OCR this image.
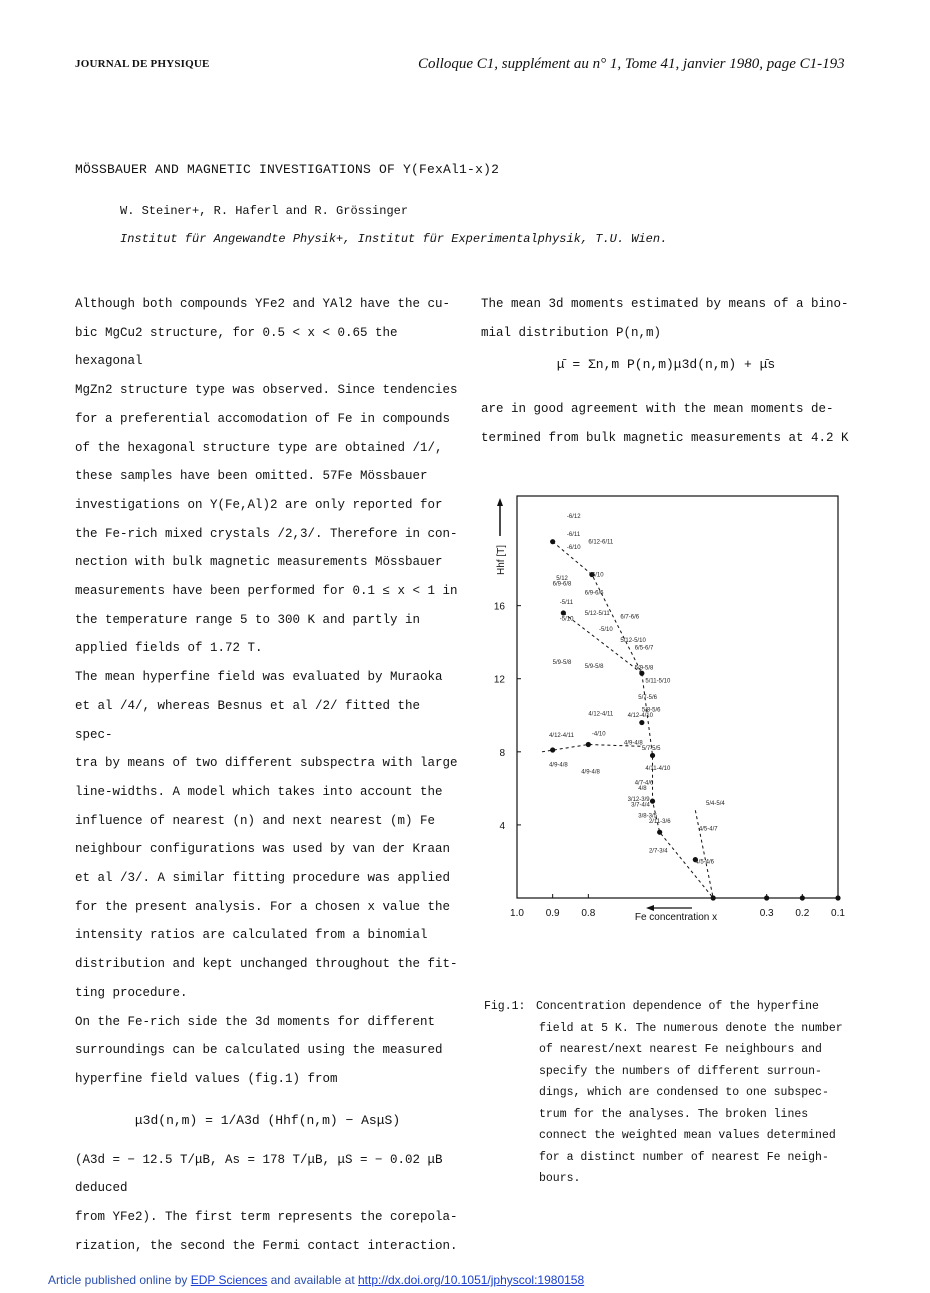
JOURNAL DE PHYSIQUE	Colloque C1, supplément au n° 1, Tome 41, janvier 1980, page C1-193
MÖSSBAUER AND MAGNETIC INVESTIGATIONS OF Y(FexAl1-x)2
W. Steiner+, R. Haferl and R. Grössinger
Institut für Angewandte Physik+, Institut für Experimentalphysik, T.U. Wien.
Although both compounds YFe2 and YAl2 have the cu-
bic MgCu2 structure, for 0.5 < x < 0.65 the hexagonal
MgZn2 structure type was observed. Since tendencies
for a preferential accomodation of Fe in compounds
of the hexagonal structure type are obtained /1/,
these samples have been omitted. 57Fe Mössbauer
investigations on Y(Fe,Al)2 are only reported for
the Fe-rich mixed crystals /2,3/. Therefore in con-
nection with bulk magnetic measurements Mössbauer
measurements have been performed for 0.1 ≤ x < 1 in
the temperature range 5 to 300 K and partly in
applied fields of 1.72 T.
The mean hyperfine field was evaluated by Muraoka
et al /4/, whereas Besnus et al /2/ fitted the spec-
tra by means of two different subspectra with large
line-widths. A model which takes into account the
influence of nearest (n) and next nearest (m) Fe
neighbour configurations was used by van der Kraan
et al /3/. A similar fitting procedure was applied
for the present analysis. For a chosen x value the
intensity ratios are calculated from a binomial
distribution and kept unchanged throughout the fit-
ting procedure.
On the Fe-rich side the 3d moments for different
surroundings can be calculated using the measured
hyperfine field values (fig.1) from
μ3d(n,m) = 1/A3d (Hhf(n,m) − AsμS)
(A3d = − 12.5 T/μB, As = 178 T/μB, μS = − 0.02 μB deduced
from YFe2). The first term represents the corepola-
rization, the second the Fermi contact interaction.
The mean 3d moments estimated by means of a bino-
mial distribution P(n,m)
μ̄ = Σn,m P(n,m)μ3d(n,m) + μ̄s
are in good agreement with the mean moments de-
termined from bulk magnetic measurements at 4.2 K
1.0 0.9 0.8	0.3 0.2 0.1
16
12
8
4
Hhf [T]
Fe concentration x
-6/12
-6/11
6/12-6/11
-6/10
6/10
5/12
6/9-6/8
6/9-6/6
-5/11
5/12-5/11
6/7-6/6
-5/10
-5/10
5/12-5/10
6/5-6/7
5/9-5/8
5/9-5/8	5/9-5/8
5/11-5/10
5/7-5/6
5/8-5/6
4/12-4/11 4/12-4/10
4/12-4/11	-4/10
4/9-4/8
5/7-5/5
4/9-4/8
4/9-4/8
4/11-4/10
4/7-4/6
4/8
3/12-3/9
3/7-4/4
3/8-3/5
2/11-3/6
2/7-3/4
5/4-5/4
4/5-4/7
4/5-4/6
Fig.1: Concentration dependence of the hyperfine
field at 5 K. The numerous denote the number
of nearest/next nearest Fe neighbours and
specify the numbers of different surroun-
dings, which are condensed to one subspec-
trum for the analyses. The broken lines
connect the weighted mean values determined
for a distinct number of nearest Fe neigh-
bours.
Article published online by EDP Sciences and available at http://dx.doi.org/10.1051/jphyscol:1980158
